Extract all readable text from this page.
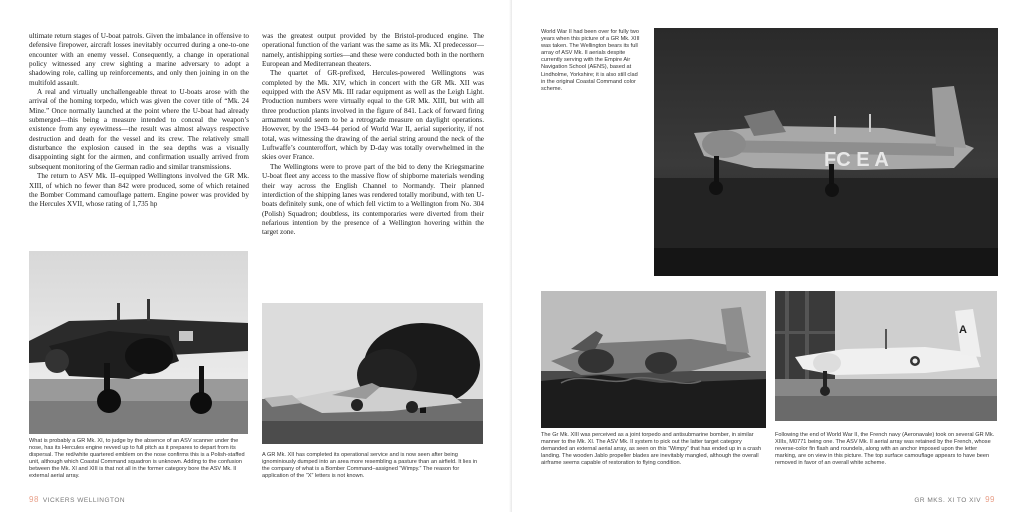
ultimate return stages of U-boat patrols. Given the imbalance in offensive to defensive firepower, aircraft losses inevitably occurred during a one-to-one encounter with an enemy vessel. Consequently, a change in operational policy witnessed any crew sighting a marine adversary to adopt a shadowing role, calling up reinforcements, and only then joining in on the multifold assault.

A real and virtually unchallengeable threat to U-boats arose with the arrival of the homing torpedo, which was given the cover title of “Mk. 24 Mine.” Once normally launched at the point where the U-boat had already submerged—this being a measure intended to conceal the weapon’s existence from any eyewitness—the result was almost always respective destruction and death for the vessel and its crew. The relatively small disturbance the explosion caused in the sea depths was a visually disappointing sight for the airmen, and confirmation usually arrived from subsequent monitoring of the German radio and similar transmissions.

The return to ASV Mk. II–equipped Wellingtons involved the GR Mk. XIII, of which no fewer than 842 were produced, some of which retained the Bomber Command camouflage pattern. Engine power was provided by the Hercules XVII, whose rating of 1,735 hp

was the greatest output provided by the Bristol-produced engine. The operational function of the variant was the same as its Mk. XI predecessor—namely, antishipping sorties—and these were conducted both in the northern European and Mediterranean theaters.

The quartet of GR-prefixed, Hercules-powered Wellingtons was completed by the Mk. XIV, which in concert with the GR Mk. XII was equipped with the ASV Mk. III radar equipment as well as the Leigh Light. Production numbers were virtually equal to the GR Mk. XIII, but with all three production plants involved in the figure of 841. Lack of forward firing armament would seem to be a retrograde measure on daylight operations. However, by the 1943–44 period of World War II, aerial superiority, if not total, was witnessing the drawing of the aerial string around the neck of the Luftwaffe’s counteroffort, which by D-day was totally overwhelmed in the skies over France.

The Wellingtons were to prove part of the bid to deny the Kriegsmarine U-boat fleet any access to the massive flow of shipborne materials wending their way across the English Channel to Normandy. Their planned interdiction of the shipping lanes was rendered totally moribund, with ten U-boats definitely sunk, one of which fell victim to a Wellington from No. 304 (Polish) Squadron; doubtless, its contemporaries were diverted from their nefarious intention by the presence of a Wellington hovering within the target zone.

What is probably a GR Mk. XI, to judge by the absence of an ASV scanner under the nose, has its Hercules engine revved up to full pitch as it prepares to depart from its dispersal. The red/white quartered emblem on the nose confirms this is a Polish-staffed unit, although which Coastal Command squadron is unknown. Adding to the confusion between the Mk. XI and XIII is that not all in the former category bore the ASV Mk. II external aerial array.
A GR Mk. XII has completed its operational service and is now seen after being ignominiously dumped into an area more resembling a pasture than an airfield. It lies in the company of what is a Bomber Command–assigned “Wimpy.” The reason for application of the “X” letters is not known.
98 VICKERS WELLINGTON
World War II had been over for fully two years when this picture of a GR Mk. XIII was taken. The Wellington bears its full array of ASV Mk. II aerials despite currently serving with the Empire Air Navigation School (AENS), based at Lindholme, Yorkshire; it is also still clad in the original Coastal Command color scheme.
FC E A
The Gr Mk. XIII was perceived as a joint torpedo and antisubmarine bomber, in similar manner to the Mk. XI. The ASV Mk. II system to pick out the latter target category demanded an external aerial array, as seen on this “Wimpy” that has ended up in a crash landing. The wooden Jablo propeller blades are inevitably mangled, although the overall airframe seems capable of restoration to flying condition.
A
Following the end of World War II, the French navy (Aeronavale) took on several GR Mk. XIIIs, M0771 being one. The ASV Mk. II aerial array was retained by the French, whose reverse-color fin flash and roundels, along with an anchor imposed upon the letter marking, are on view in this picture. The top surface camouflage appears to have been removed in favor of an overall white scheme.
GR MKS. XI TO XIV 99
